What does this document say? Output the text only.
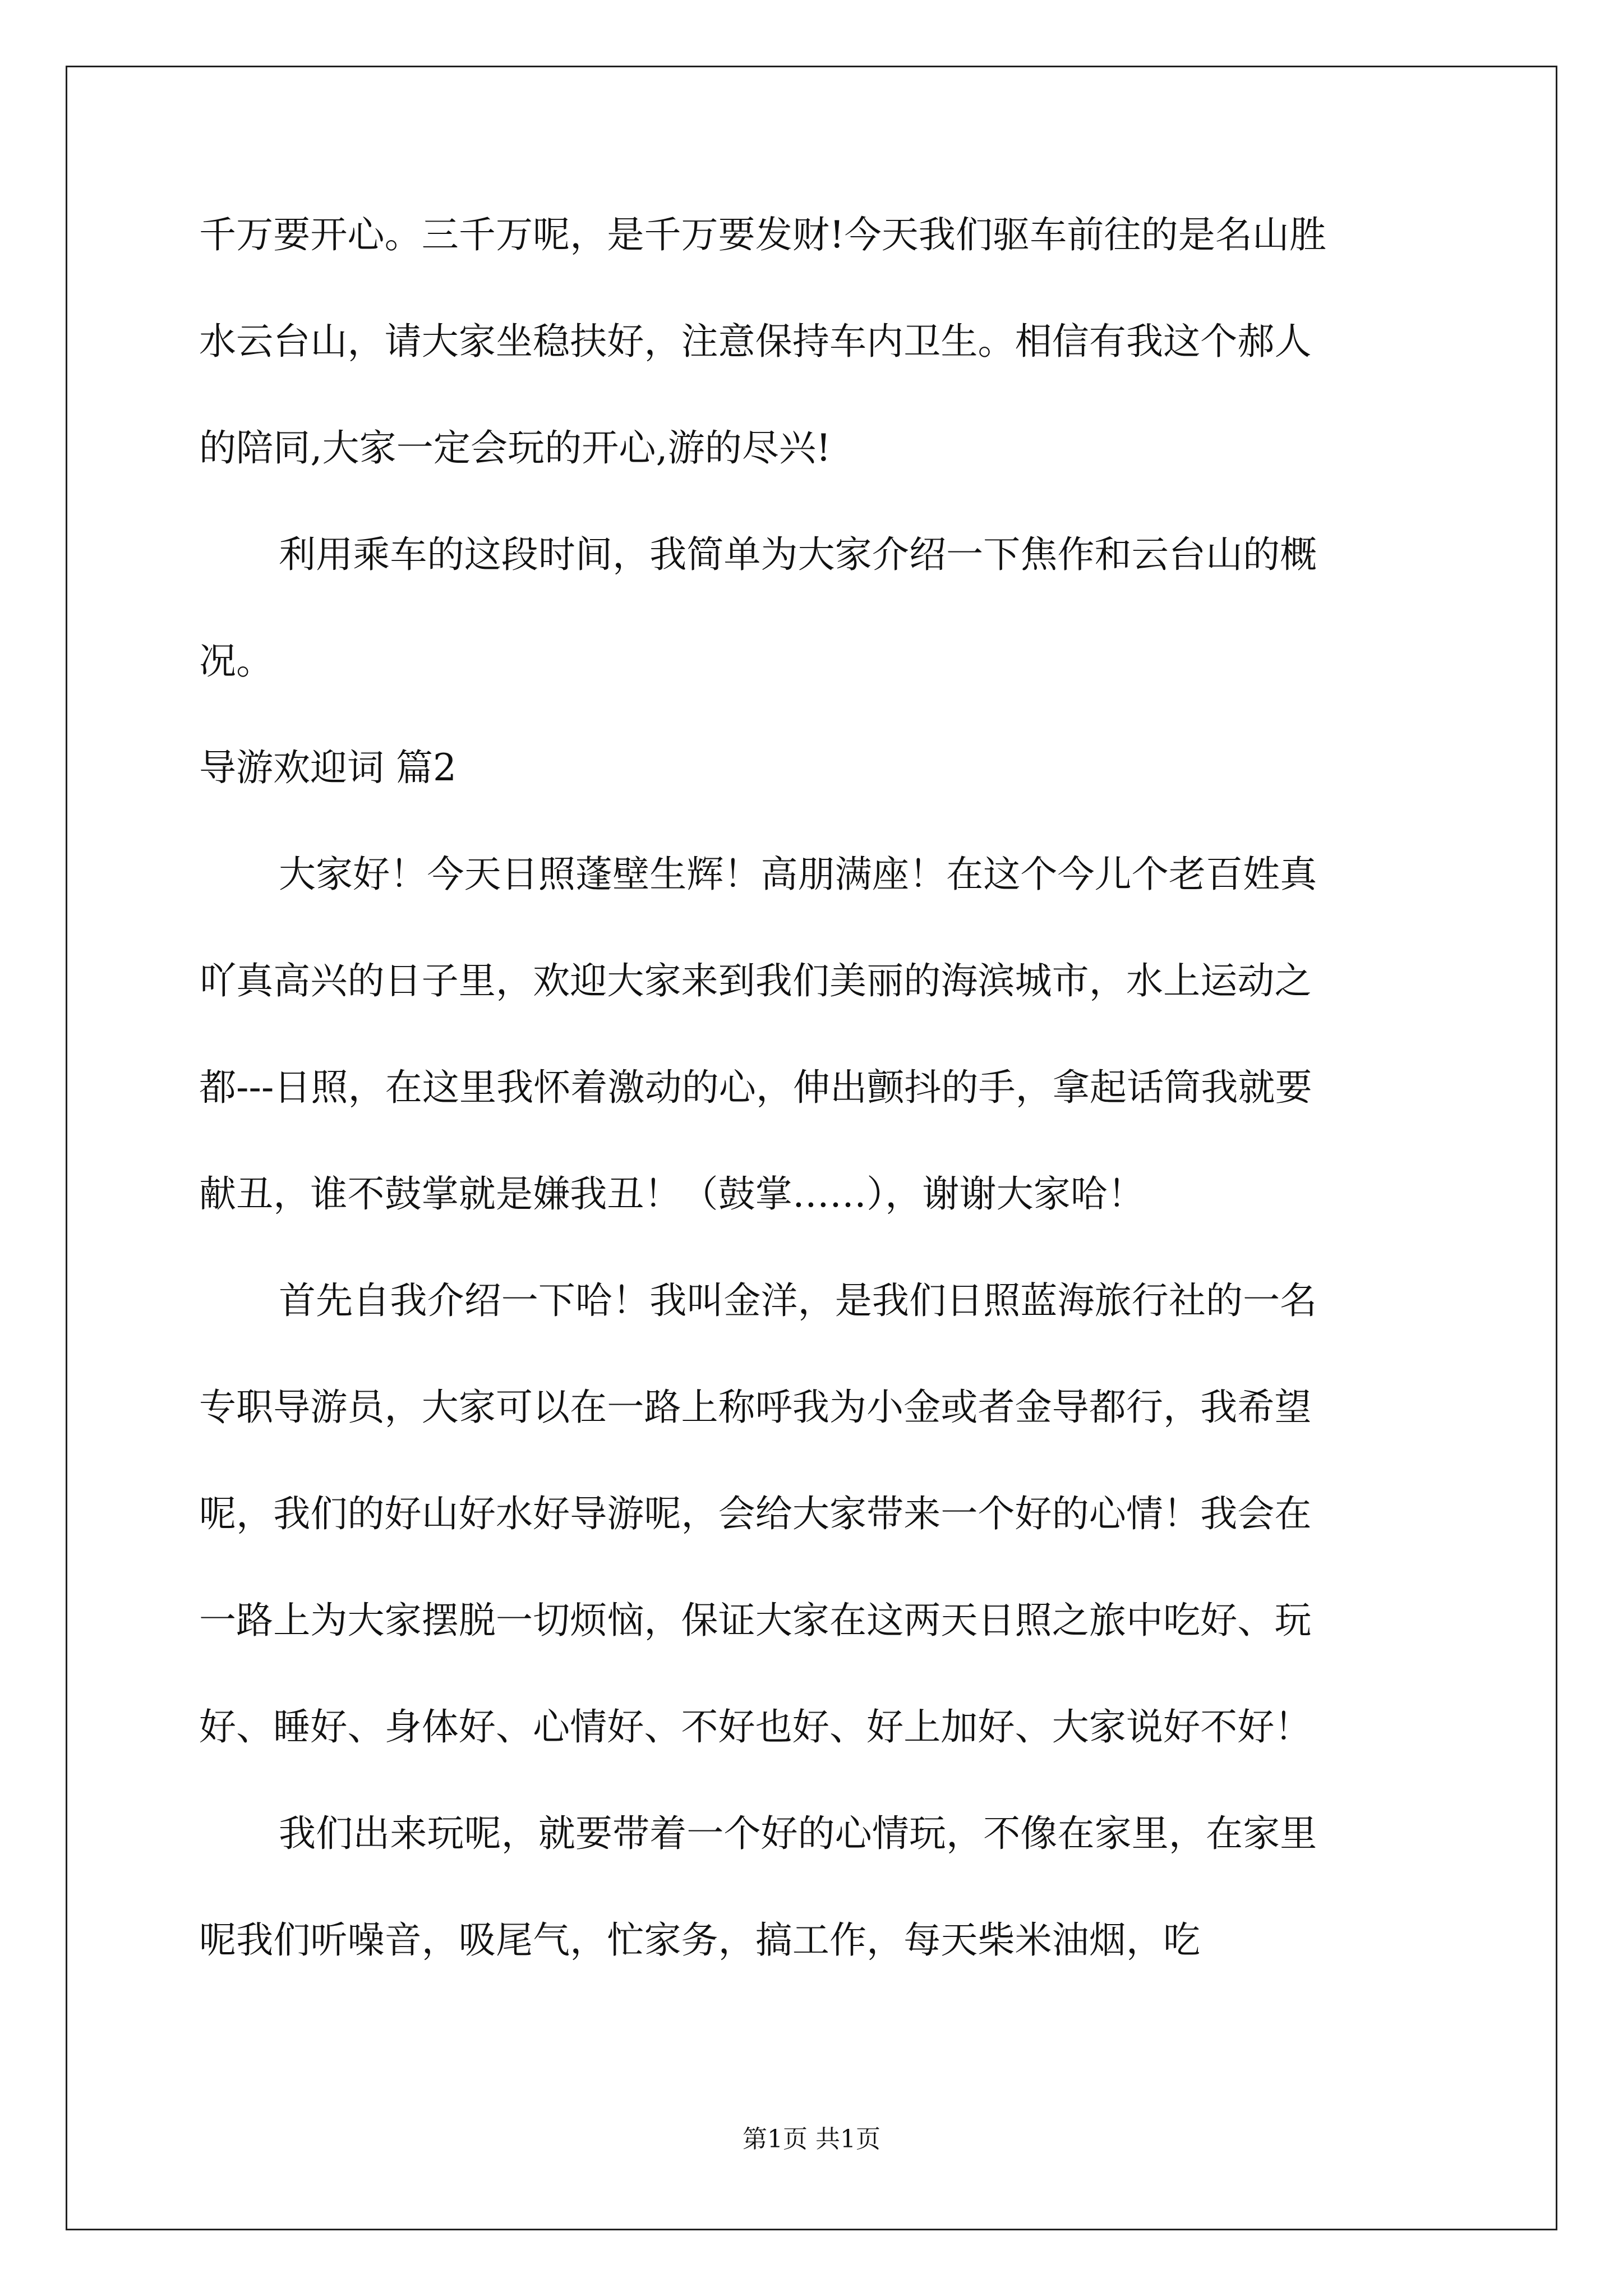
千万要开心。三千万呢，是千万要发财!今天我们驱车前往的是名山胜
水云台山，请大家坐稳扶好，注意保持车内卫生。相信有我这个郝人
的陪同,大家一定会玩的开心,游的尽兴!
利用乘车的这段时间，我简单为大家介绍一下焦作和云台山的概
况。
导游欢迎词 篇2
大家好！今天日照蓬壁生辉！高朋满座！在这个今儿个老百姓真
吖真高兴的日子里，欢迎大家来到我们美丽的海滨城市，水上运动之
都---日照，在这里我怀着激动的心，伸出颤抖的手，拿起话筒我就要
献丑，谁不鼓掌就是嫌我丑！（鼓掌……），谢谢大家哈！
首先自我介绍一下哈！我叫金洋，是我们日照蓝海旅行社的一名
专职导游员，大家可以在一路上称呼我为小金或者金导都行，我希望
呢，我们的好山好水好导游呢，会给大家带来一个好的心情！我会在
一路上为大家摆脱一切烦恼，保证大家在这两天日照之旅中吃好、玩
好、睡好、身体好、心情好、不好也好、好上加好、大家说好不好！
我们出来玩呢，就要带着一个好的心情玩，不像在家里，在家里
呢我们听噪音，吸尾气，忙家务，搞工作，每天柴米油烟，吃
第1页 共1页
